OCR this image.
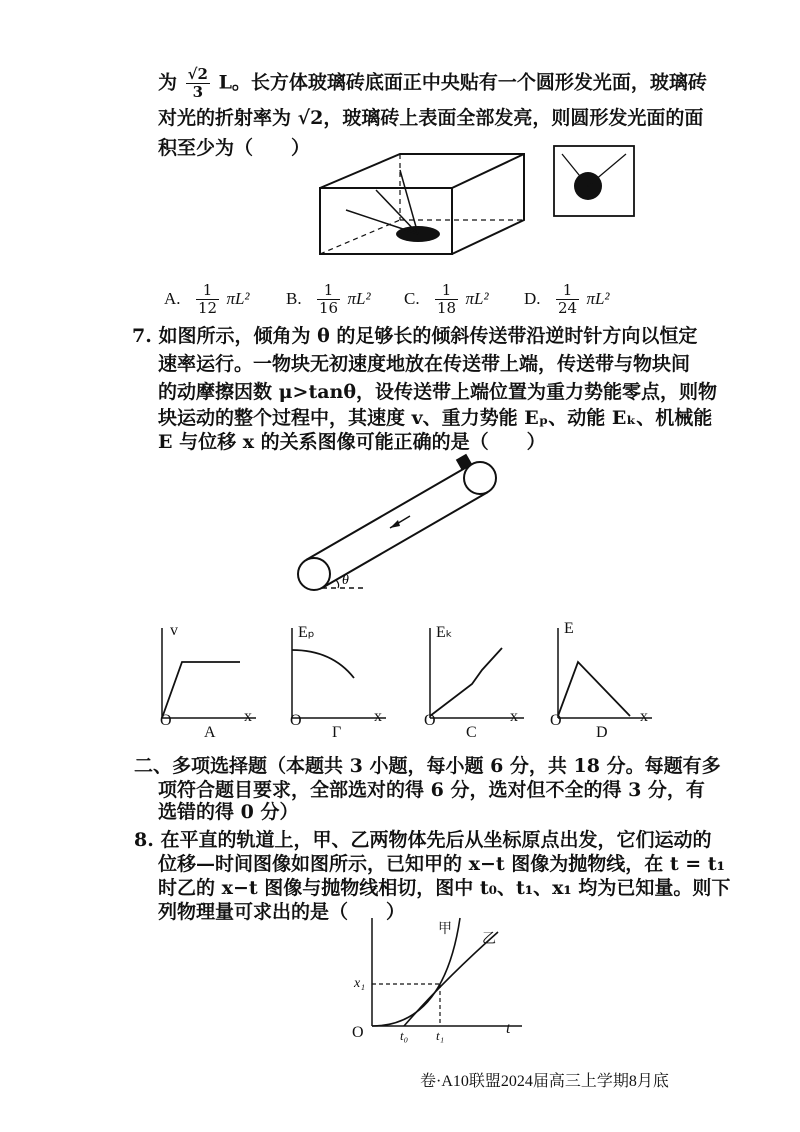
为 $\frac{√2}{3}$ L。长方体玻璃砖底面正中央贴有一个圆形发光面，玻璃砖
对光的折射率为 √2，玻璃砖上表面全部发亮，则圆形发光面的面
积至少为（　　）
A. $\frac{1}{12} \pi L^2$ B. $\frac{1}{16} \pi L^2$ C. $\frac{1}{18} \pi L^2$ D. $\frac{1}{24} \pi L^2$
7. 如图所示，倾角为 θ 的足够长的倾斜传送带沿逆时针方向以恒定
速率运行。一物块无初速度地放在传送带上端，传送带与物块间
的动摩擦因数 μ>tanθ，设传送带上端位置为重力势能零点，则物
块运动的整个过程中，其速度 v、重力势能 Eₚ、动能 Eₖ、机械能
E 与位移 x 的关系图像可能正确的是（　　）
θ
v
O	x
A
Eₚ
O	x
Γ
Eₖ
O	x
C
E
O	x
D
二、多项选择题（本题共 3 小题，每小题 6 分，共 18 分。每题有多
项符合题目要求，全部选对的得 6 分，选对但不全的得 3 分，有
选错的得 0 分）
8. 在平直的轨道上，甲、乙两物体先后从坐标原点出发，它们运动的
位移—时间图像如图所示，已知甲的 x−t 图像为抛物线，在 t = t₁
时乙的 x−t 图像与抛物线相切，图中 t₀、t₁、x₁ 均为已知量。则下
列物理量可求出的是（　　）
甲
乙
x₁
O	t₀ t₁	t
卷·A10联盟2024届高三上学期8月底
